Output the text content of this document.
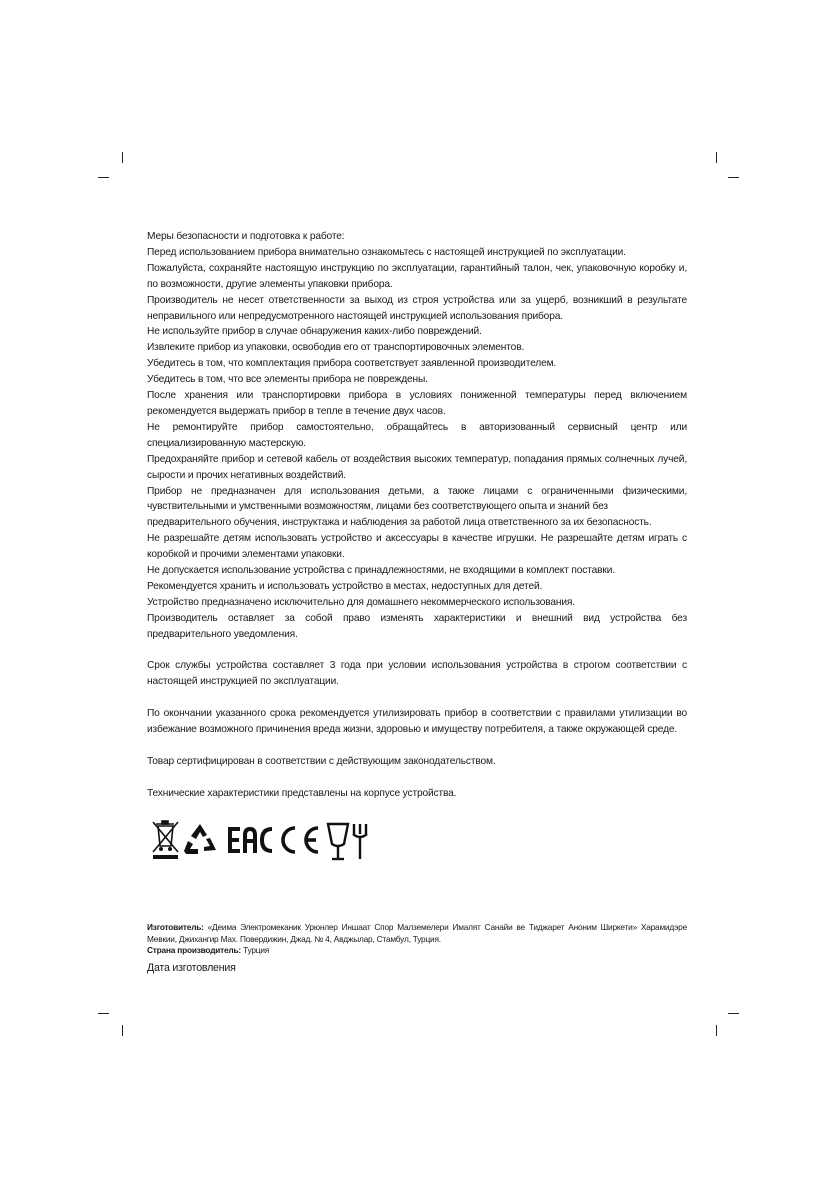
Меры безопасности и подготовка к работе:

Перед использованием прибора внимательно ознакомьтесь с настоящей инструкцией по эксплуатации.

Пожалуйста, сохраняйте настоящую инструкцию по эксплуатации, гарантийный талон, чек, упаковочную коробку и, по возможности, другие элементы упаковки прибора.

Производитель не несет ответственности за выход из строя устройства или за ущерб, возникший в результате неправильного или непредусмотренного настоящей инструкцией использования прибора.

Не используйте прибор в случае обнаружения каких-либо повреждений.

Извлеките прибор из упаковки, освободив его от транспортировочных элементов.

Убедитесь в том, что комплектация прибора соответствует заявленной производителем.

Убедитесь в том, что все элементы прибора не повреждены.

После хранения или транспортировки прибора в условиях пониженной температуры перед включением рекомендуется выдержать прибор в тепле в течение двух часов.

Не ремонтируйте прибор самостоятельно, обращайтесь в авторизованный сервисный центр или специализированную мастерскую.

Предохраняйте прибор и сетевой кабель от воздействия высоких температур, попадания прямых солнечных лучей, сырости и прочих негативных воздействий.

Прибор не предназначен для использования детьми, а также лицами с ограниченными физическими, чувствительными и умственными возможностям, лицами без соответствующего опыта и знаний без

предварительного обучения, инструктажа и наблюдения за работой лица ответственного за их безопасность.

Не разрешайте детям использовать устройство и аксессуары в качестве игрушки. Не разрешайте детям играть с коробкой и прочими элементами упаковки.

Не допускается использование устройства с принадлежностями, не входящими в комплект поставки.

Рекомендуется хранить и использовать устройство в местах, недоступных для детей.

Устройство предназначено исключительно для домашнего некоммерческого использования.

Производитель оставляет за собой право изменять характеристики и внешний вид устройства без предварительного уведомления.

Срок службы устройства составляет 3 года при условии использования устройства в строгом соответствии с настоящей инструкцией по эксплуатации.

По окончании указанного срока рекомендуется утилизировать прибор в соответствии с правилами утилизации во избежание возможного причинения вреда жизни, здоровью и имуществу потребителя, а также окружающей среде.

Товар сертифицирован в соответствии с действующим законодательством.

Технические характеристики представлены на корпусе устройства.

Изготовитель: «Деима Электромеканик Урюнлер Иншаат Спор Малземелери Ималят Санайи ве Тиджарет Аноним Ширкети» Харамидэре Мевкии, Джихангир Мах. Повердижин, Джад. № 4, Авджылар, Стамбул, Турция.
Страна производитель: Турция
Дата изготовления
